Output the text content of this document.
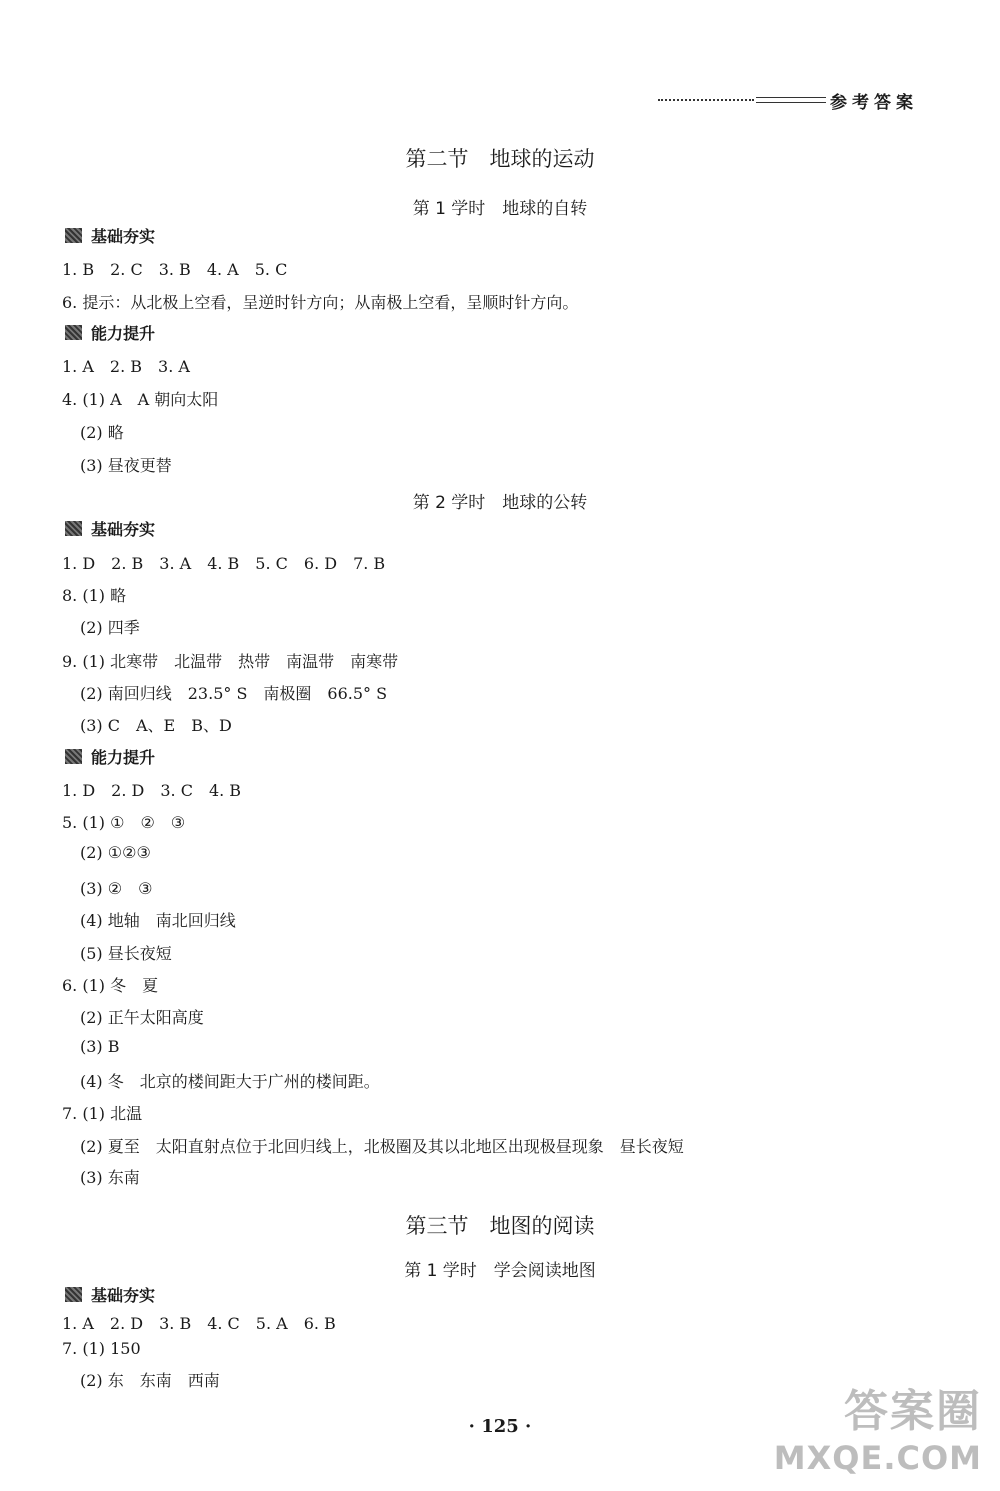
参考答案
第二节　地球的运动
第 1 学时　地球的自转
基础夯实
1. B　2. C　3. B　4. A　5. C
6. 提示：从北极上空看，呈逆时针方向；从南极上空看，呈顺时针方向。
能力提升
1. A　2. B　3. A
4. (1) A　A 朝向太阳
(2) 略
(3) 昼夜更替
第 2 学时　地球的公转
基础夯实
1. D　2. B　3. A　4. B　5. C　6. D　7. B
8. (1) 略
(2) 四季
9. (1) 北寒带　北温带　热带　南温带　南寒带
(2) 南回归线　23.5° S　南极圈　66.5° S
(3) C　A、E　B、D
能力提升
1. D　2. D　3. C　4. B
5. (1) ①　②　③
(2) ①②③
(3) ②　③
(4) 地轴　南北回归线
(5) 昼长夜短
6. (1) 冬　夏
(2) 正午太阳高度
(3) B
(4) 冬　北京的楼间距大于广州的楼间距。
7. (1) 北温
(2) 夏至　太阳直射点位于北回归线上，北极圈及其以北地区出现极昼现象　昼长夜短
(3) 东南
第三节　地图的阅读
第 1 学时　学会阅读地图
基础夯实
1. A　2. D　3. B　4. C　5. A　6. B
7. (1) 150
(2) 东　东南　西南
· 125 ·	答案圈
MXQE.COM
